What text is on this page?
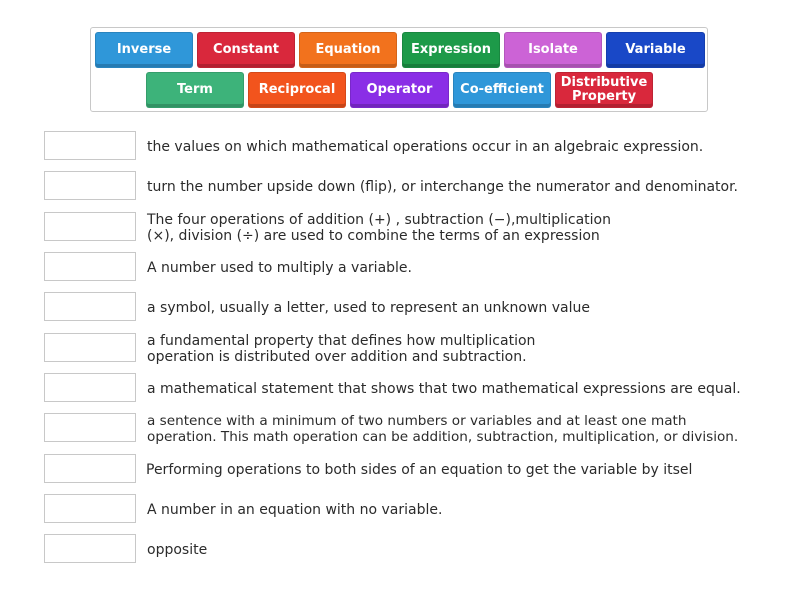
Inverse	Constant	Equation Expression	Isolate	Variable
Term	Reciprocal Operator Co-efficient Distributive
Property
the values on which mathematical operations occur in an algebraic expression.
turn the number upside down (flip), or interchange the numerator and denominator.
The four operations of addition (+) , subtraction (−),multiplication
(×), division (÷) are used to combine the terms of an expression
A number used to multiply a variable.
a symbol, usually a letter, used to represent an unknown value
a fundamental property that defines how multiplication
operation is distributed over addition and subtraction.
a mathematical statement that shows that two mathematical expressions are equal.
a sentence with a minimum of two numbers or variables and at least one math
operation. This math operation can be addition, subtraction, multiplication, or division.
Performing operations to both sides of an equation to get the variable by itsel
A number in an equation with no variable.
opposite
